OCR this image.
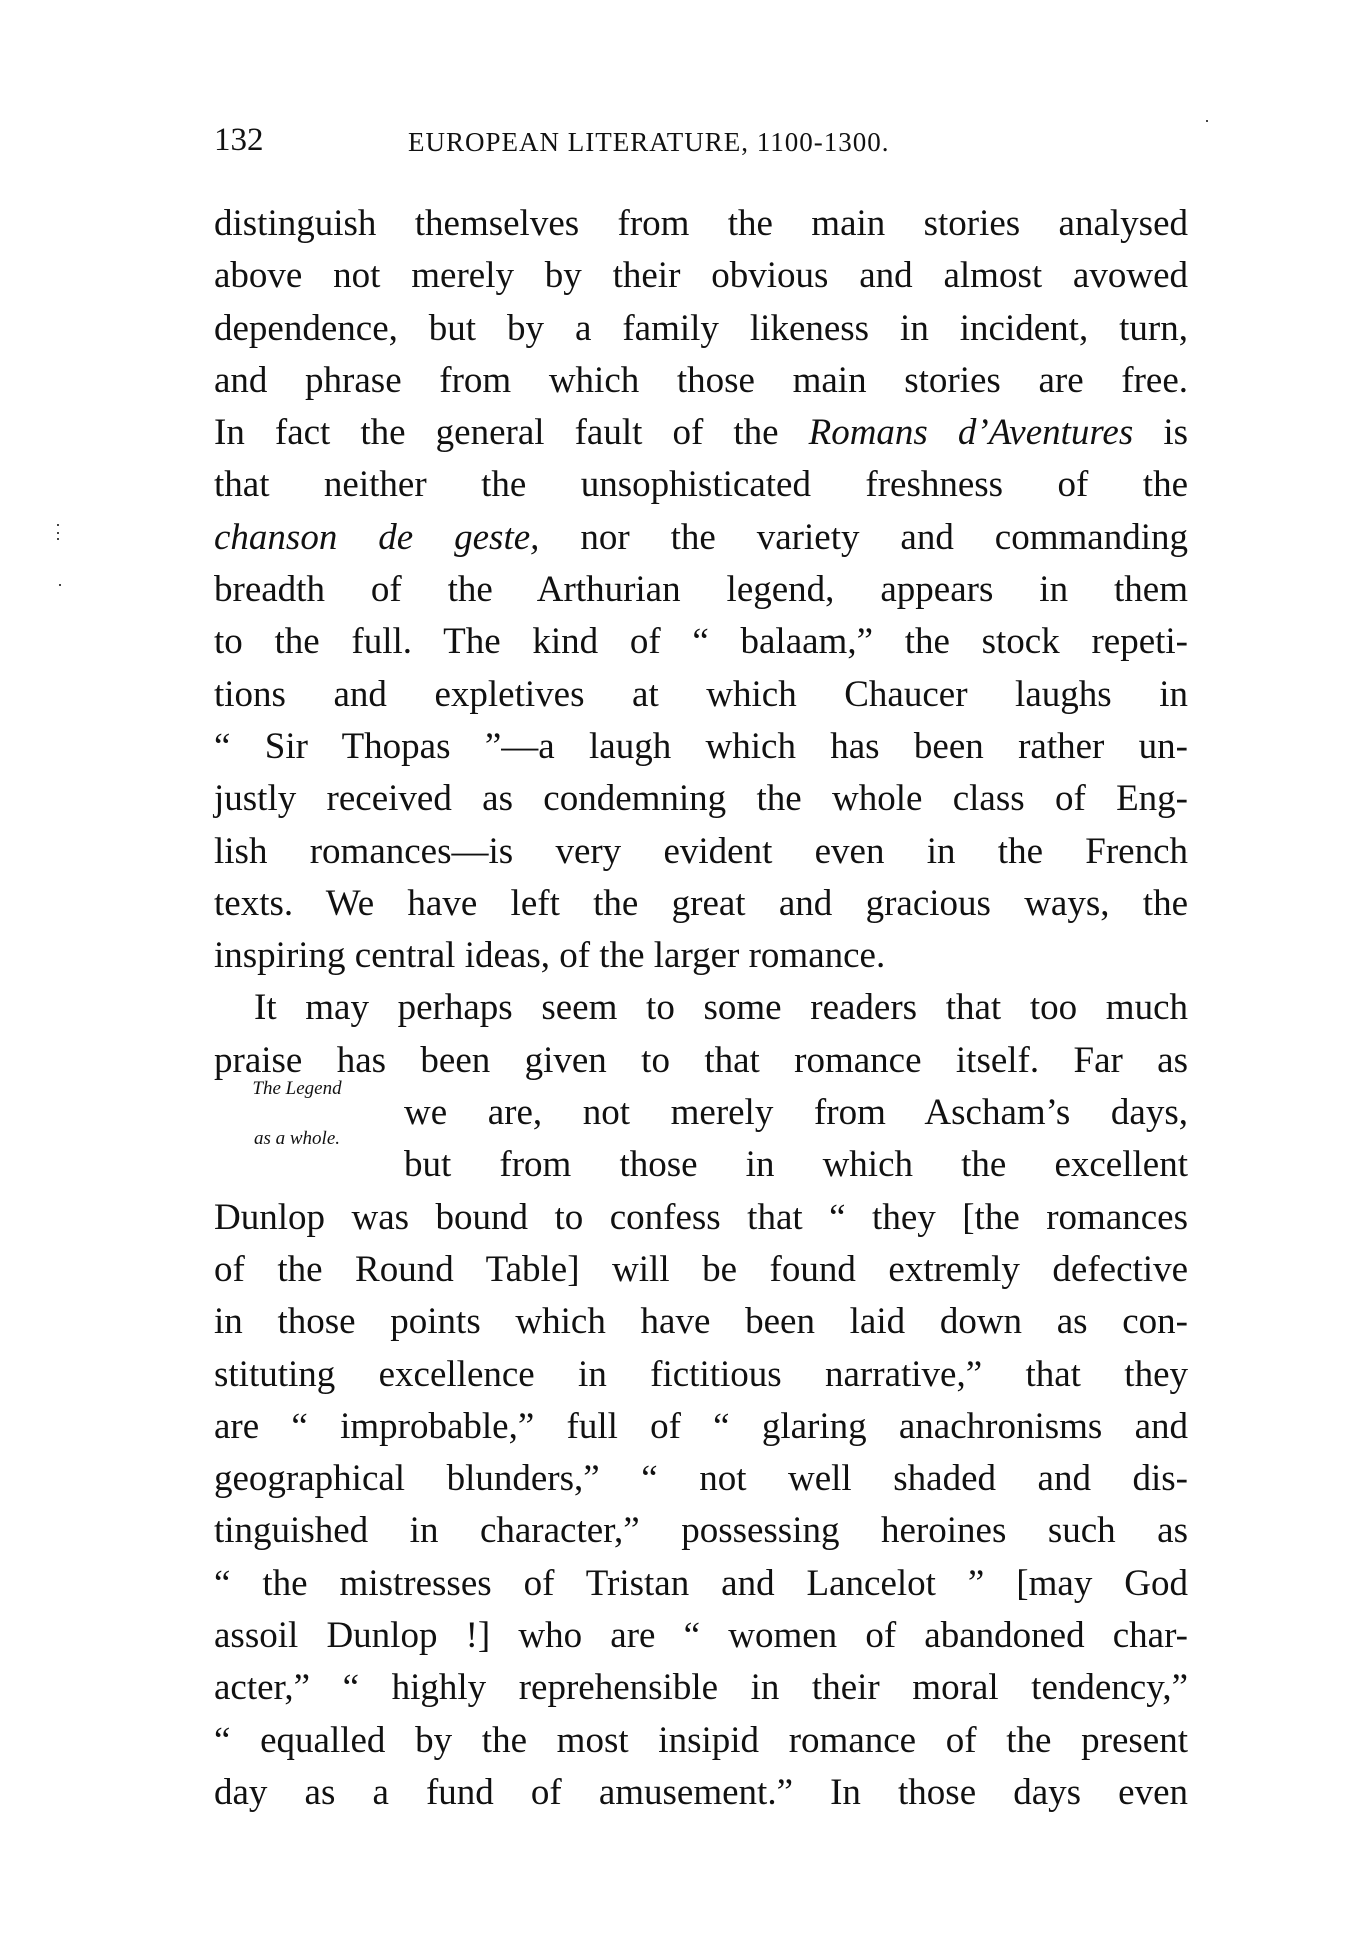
132	EUROPEAN LITERATURE, 1100-1300.
The Legend
as a whole.
distinguish themselves from the main stories analysed
above not merely by their obvious and almost avowed
dependence, but by a family likeness in incident, turn,
and phrase from which those main stories are free.
In fact the general fault of the Romans d’Aventures is
that neither the unsophisticated freshness of the
chanson de geste, nor the variety and commanding
breadth of the Arthurian legend, appears in them
to the full. The kind of “ balaam,” the stock repeti-
tions and expletives at which Chaucer laughs in
“ Sir Thopas ”—a laugh which has been rather un-
justly received as condemning the whole class of Eng-
lish romances—is very evident even in the French
texts. We have left the great and gracious ways, the
inspiring central ideas, of the larger romance.
It may perhaps seem to some readers that too much
praise has been given to that romance itself. Far as
we are, not merely from Ascham’s days,
but from those in which the excellent
Dunlop was bound to confess that “ they [the romances
of the Round Table] will be found extremly defective
in those points which have been laid down as con-
stituting excellence in fictitious narrative,” that they
are “ improbable,” full of “ glaring anachronisms and
geographical blunders,” “ not well shaded and dis-
tinguished in character,” possessing heroines such as
“ the mistresses of Tristan and Lancelot ” [may God
assoil Dunlop !] who are “ women of abandoned char-
acter,” “ highly reprehensible in their moral tendency,”
“ equalled by the most insipid romance of the present
day as a fund of amusement.” In those days even
